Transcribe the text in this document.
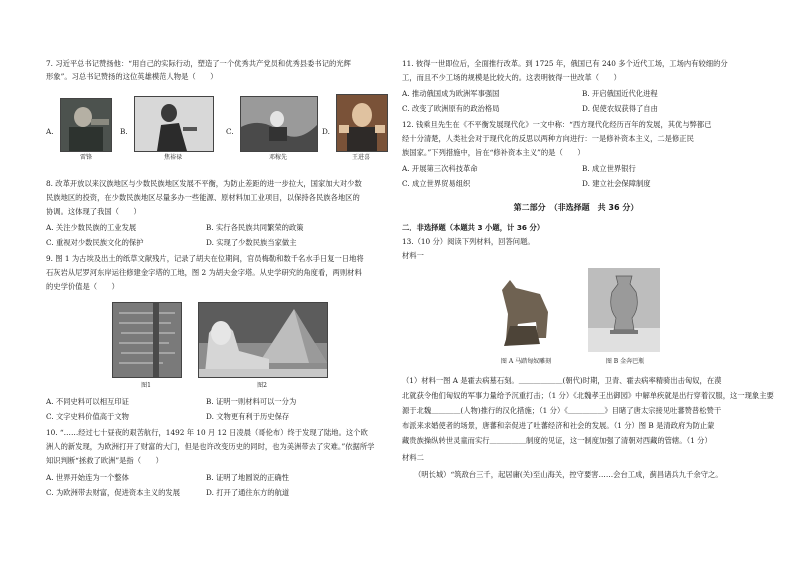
7. 习近平总书记赞扬他：“用自己的实际行动，塑造了一个优秀共产党员和优秀县委书记的光辉
形象”。习总书记赞扬的这位英雄模范人物是（　　）
A.
雷锋
B.
焦裕禄
C.
邓稼先
D.
王进喜
8. 改革开放以来汉族地区与少数民族地区发展不平衡，为防止差距的进一步拉大，国家加大对少数
民族地区的投资，在少数民族地区尽量多办一些能源、原材料加工业项目，以保持各民族各地区的
协调。这体现了我国（　　）
A. 关注少数民族的工业发展	B. 实行各民族共同繁荣的政策
C. 重视对少数民族文化的保护	D. 实现了少数民族当家做主
9. 图 1 为古埃及出土的纸草文献残片，记录了胡夫在位期间，官员梅勒和数千名水手日复一日地将
石灰岩从尼罗河东岸运往修建金字塔的工地，图 2 为胡夫金字塔。从史学研究的角度看，两则材料
的史学价值是（　　）
图1	图2
A. 不同史料可以相互印证	B. 证明一则材料可以一分为
C. 文字史料价值高于文物	D. 文物更有利于历史保存
10. “……经过七十昼夜的艰苦航行，1492 年 10 月 12 日凌晨（哥伦布）终于发现了陆地。这个欧
洲人的新发现，为欧洲打开了财富的大门，但是也许改变历史的同时，也为美洲带去了灾难。”依据所学
知识判断“拯救了欧洲”是指（　　）
A. 世界开始连为一个整体	B. 证明了地圆说的正确性
C. 为欧洲带去财富，促进资本主义的发展	D. 打开了通往东方的航道
11. 彼得一世即位后，全面推行改革。到 1725 年，俄国已有 240 多个近代工场，工场内有较细的分
工，而且不少工场的规模是比较大的。这表明彼得一世改革（　　）
A. 推动俄国成为欧洲军事强国	B. 开启俄国近代化进程
C. 改变了欧洲原有的政治格局	D. 促使农奴获得了自由
12. 钱乘旦先生在《不平衡发展现代化》一文中称：“西方现代化经历百年的发展，其优与弊都已
经十分清楚，人类社会对于现代化的反思以两种方向进行：一是修补资本主义，二是修正民
族国家。”下列措施中，旨在“修补资本主义”的是（　　）
A. 开展第三次科技革命	B. 成立世界银行
C. 成立世界贸易组织	D. 建立社会保障制度
第二部分　（非选择题　共 36 分）
二．非选择题（本题共 3 小题，计 36 分）
13.（10 分）阅读下列材料，回答问题。
材料一
图 A 马踏匈奴雕刻	图 B 金奔巴瓶
（1）材料一图 A 是霍去病墓石刻。＿＿＿＿＿＿(朝代)时期，卫青、霍去病率精骑出击匈奴，在漠
北就获令他们匈奴的军事力量给予沉重打击；（1 分）《北魏孝王出御园》中解单疾就是出行穿着汉服，这一现象主要
源于北魏＿＿＿＿(人物)推行的汉化措施；（1 分）《＿＿＿＿＿》目睹了唐太宗接见吐蕃赞普松赞干
布派来求婚使者的场景，唐蕃和亲促进了吐蕃经济和社会的发展。（1 分）图 B 是清政府为防止蒙
藏贵族操纵转世灵童而实行＿＿＿＿＿制度的见证，这一制度加强了清朝对西藏的管辖。（1 分）
材料二
（明长城）“筑敌台三千，起居庸(关)至山海关，控守要害……会台工成，蓟昌诸兵九千余守之。
